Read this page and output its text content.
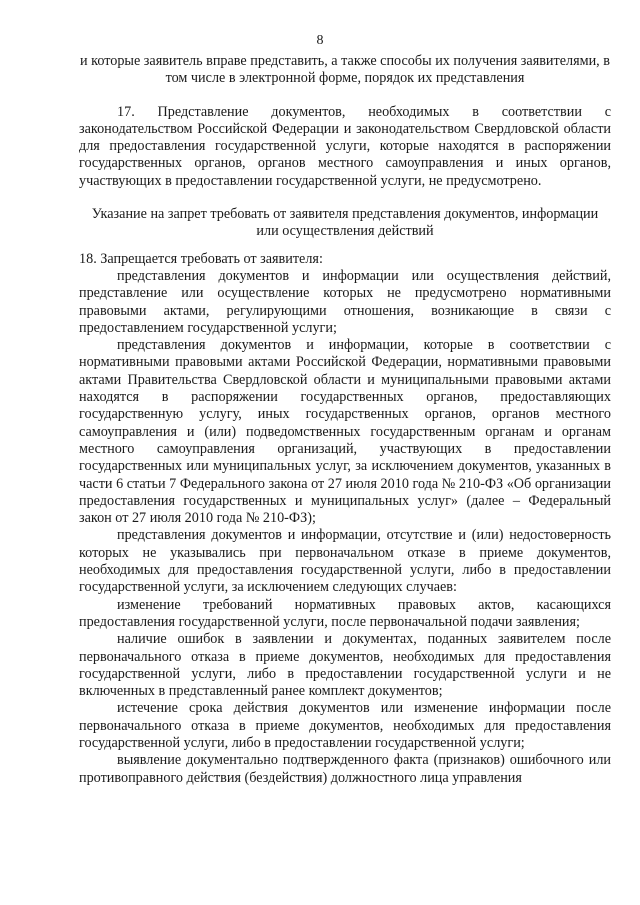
8

и которые заявитель вправе представить, а также способы их получения заявителями, в том числе в электронной форме, порядок их представления

17. Представление документов, необходимых в соответствии с законодательством Российской Федерации и законодательством Свердловской области для предоставления государственной услуги, которые находятся в распоряжении государственных органов, органов местного самоуправления и иных органов, участвующих в предоставлении государственной услуги, не предусмотрено.

Указание на запрет требовать от заявителя представления документов, информации или осуществления действий

18. Запрещается требовать от заявителя:

представления документов и информации или осуществления действий, представление или осуществление которых не предусмотрено нормативными правовыми актами, регулирующими отношения, возникающие в связи с предоставлением государственной услуги;

представления документов и информации, которые в соответствии с нормативными правовыми актами Российской Федерации, нормативными правовыми актами Правительства Свердловской области и муниципальными правовыми актами находятся в распоряжении государственных органов, предоставляющих государственную услугу, иных государственных органов, органов местного самоуправления и (или) подведомственных государственным органам и органам местного самоуправления организаций, участвующих в предоставлении государственных или муниципальных услуг, за исключением документов, указанных в части 6 статьи 7 Федерального закона от 27 июля 2010 года № 210-ФЗ «Об организации предоставления государственных и муниципальных услуг» (далее – Федеральный закон от 27 июля 2010 года № 210-ФЗ);

представления документов и информации, отсутствие и (или) недостоверность которых не указывались при первоначальном отказе в приеме документов, необходимых для предоставления государственной услуги, либо в предоставлении государственной услуги, за исключением следующих случаев:

изменение требований нормативных правовых актов, касающихся предоставления государственной услуги, после первоначальной подачи заявления;

наличие ошибок в заявлении и документах, поданных заявителем после первоначального отказа в приеме документов, необходимых для предоставления государственной услуги, либо в предоставлении государственной услуги и не включенных в представленный ранее комплект документов;

истечение срока действия документов или изменение информации после первоначального отказа в приеме документов, необходимых для предоставления государственной услуги, либо в предоставлении государственной услуги;

выявление документально подтвержденного факта (признаков) ошибочного или противоправного действия (бездействия) должностного лица управления
